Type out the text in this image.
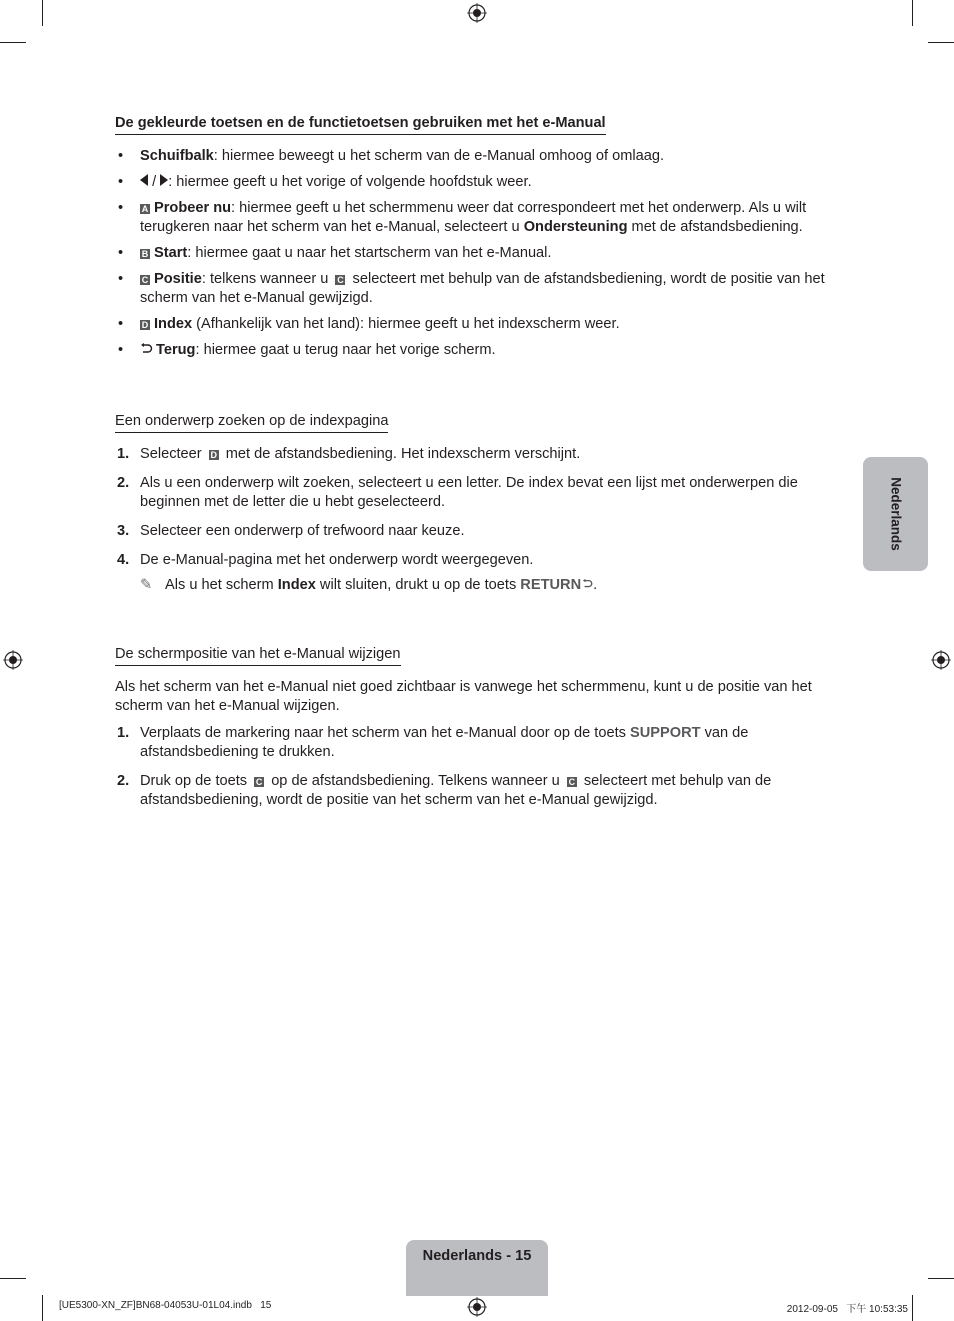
De gekleurde toetsen en de functietoetsen gebruiken met het e-Manual
• Schuifbalk: hiermee beweegt u het scherm van de e-Manual omhoog of omlaag.
• / : hiermee geeft u het vorige of volgende hoofdstuk weer.
• A Probeer nu: hiermee geeft u het schermmenu weer dat correspondeert met het onderwerp. Als u wilt terugkeren naar het scherm van het e-Manual, selecteert u Ondersteuning met de afstandsbediening.
• B Start: hiermee gaat u naar het startscherm van het e-Manual.
• C Positie: telkens wanneer u C selecteert met behulp van de afstandsbediening, wordt de positie van het scherm van het e-Manual gewijzigd.
• D Index (Afhankelijk van het land): hiermee geeft u het indexscherm weer.
• Terug: hiermee gaat u terug naar het vorige scherm.
Een onderwerp zoeken op de indexpagina
1. Selecteer D met de afstandsbediening. Het indexscherm verschijnt.
2. Als u een onderwerp wilt zoeken, selecteert u een letter. De index bevat een lijst met onderwerpen die beginnen met de letter die u hebt geselecteerd.
3. Selecteer een onderwerp of trefwoord naar keuze.
4. De e-Manual-pagina met het onderwerp wordt weergegeven.
✎ Als u het scherm Index wilt sluiten, drukt u op de toets RETURN .
De schermpositie van het e-Manual wijzigen

Als het scherm van het e-Manual niet goed zichtbaar is vanwege het schermmenu, kunt u de positie van het scherm van het e-Manual wijzigen.

1. Verplaats de markering naar het scherm van het e-Manual door op de toets SUPPORT van de afstandsbediening te drukken.
2. Druk op de toets C op de afstandsbediening. Telkens wanneer u C selecteert met behulp van de afstandsbediening, wordt de positie van het scherm van het e-Manual gewijzigd.
Nederlands
Nederlands - 15
[UE5300-XN_ZF]BN68-04053U-01L04.indb   15	2012-09-05   下午 10:53:35
